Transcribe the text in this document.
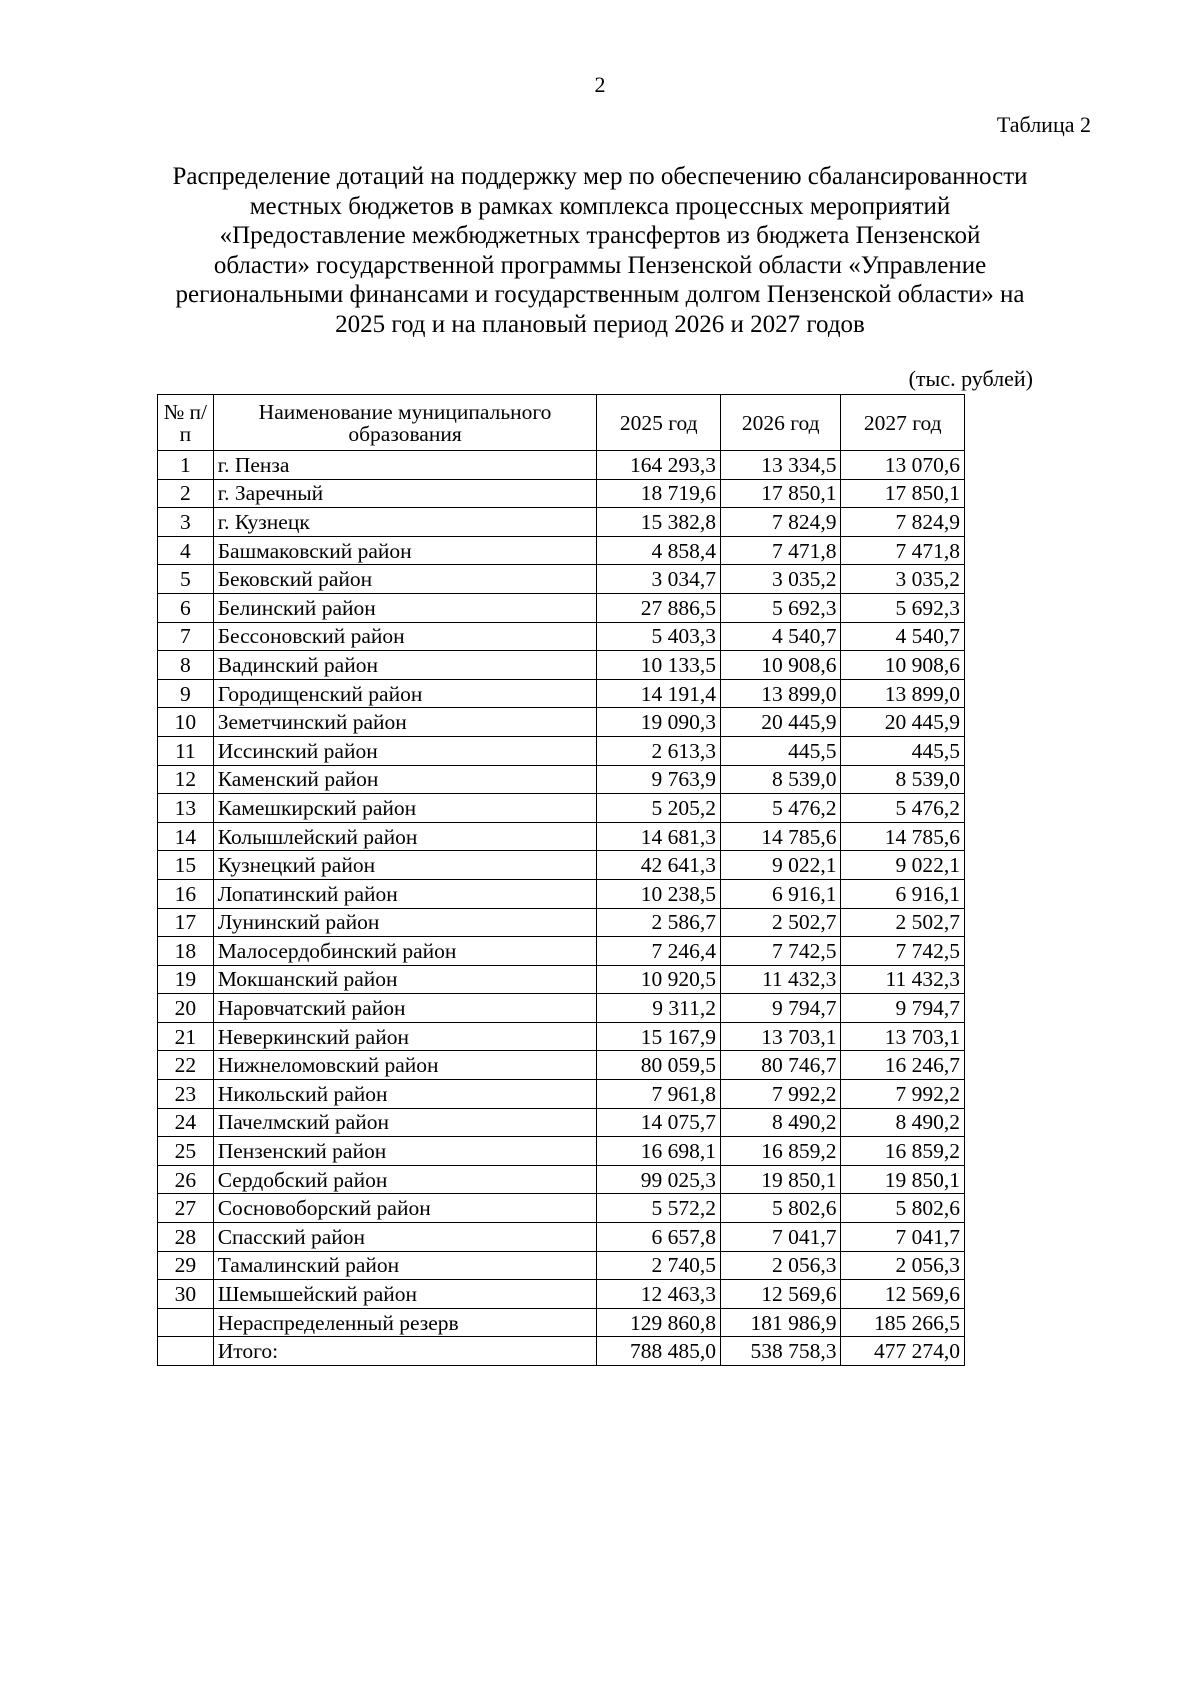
2
Таблица 2
Распределение дотаций на поддержку мер по обеспечению сбалансированности
местных бюджетов в рамках комплекса процессных мероприятий
«Предоставление межбюджетных трансфертов из бюджета Пензенской
области» государственной программы Пензенской области «Управление
региональными финансами и государственным долгом Пензенской области» на
2025 год и на плановый период 2026 и 2027 годов
(тыс. рублей)
№ п/п	Наименование муниципального образования	2025 год	2026 год	2027 год
1	г. Пенза	164 293,3	13 334,5	13 070,6
2	г. Заречный	18 719,6	17 850,1	17 850,1
3	г. Кузнецк	15 382,8	7 824,9	7 824,9
4	Башмаковский район	4 858,4	7 471,8	7 471,8
5	Бековский район	3 034,7	3 035,2	3 035,2
6	Белинский район	27 886,5	5 692,3	5 692,3
7	Бессоновский район	5 403,3	4 540,7	4 540,7
8	Вадинский район	10 133,5	10 908,6	10 908,6
9	Городищенский район	14 191,4	13 899,0	13 899,0
10	Земетчинский район	19 090,3	20 445,9	20 445,9
11	Иссинский район	2 613,3	445,5	445,5
12	Каменский район	9 763,9	8 539,0	8 539,0
13	Камешкирский район	5 205,2	5 476,2	5 476,2
14	Колышлейский район	14 681,3	14 785,6	14 785,6
15	Кузнецкий район	42 641,3	9 022,1	9 022,1
16	Лопатинский район	10 238,5	6 916,1	6 916,1
17	Лунинский район	2 586,7	2 502,7	2 502,7
18	Малосердобинский район	7 246,4	7 742,5	7 742,5
19	Мокшанский район	10 920,5	11 432,3	11 432,3
20	Наровчатский район	9 311,2	9 794,7	9 794,7
21	Неверкинский район	15 167,9	13 703,1	13 703,1
22	Нижнеломовский район	80 059,5	80 746,7	16 246,7
23	Никольский район	7 961,8	7 992,2	7 992,2
24	Пачелмский район	14 075,7	8 490,2	8 490,2
25	Пензенский район	16 698,1	16 859,2	16 859,2
26	Сердобский район	99 025,3	19 850,1	19 850,1
27	Сосновоборский район	5 572,2	5 802,6	5 802,6
28	Спасский район	6 657,8	7 041,7	7 041,7
29	Тамалинский район	2 740,5	2 056,3	2 056,3
30	Шемышейский район	12 463,3	12 569,6	12 569,6
	Нераспределенный резерв	129 860,8	181 986,9	185 266,5
	Итого:	788 485,0	538 758,3	477 274,0
